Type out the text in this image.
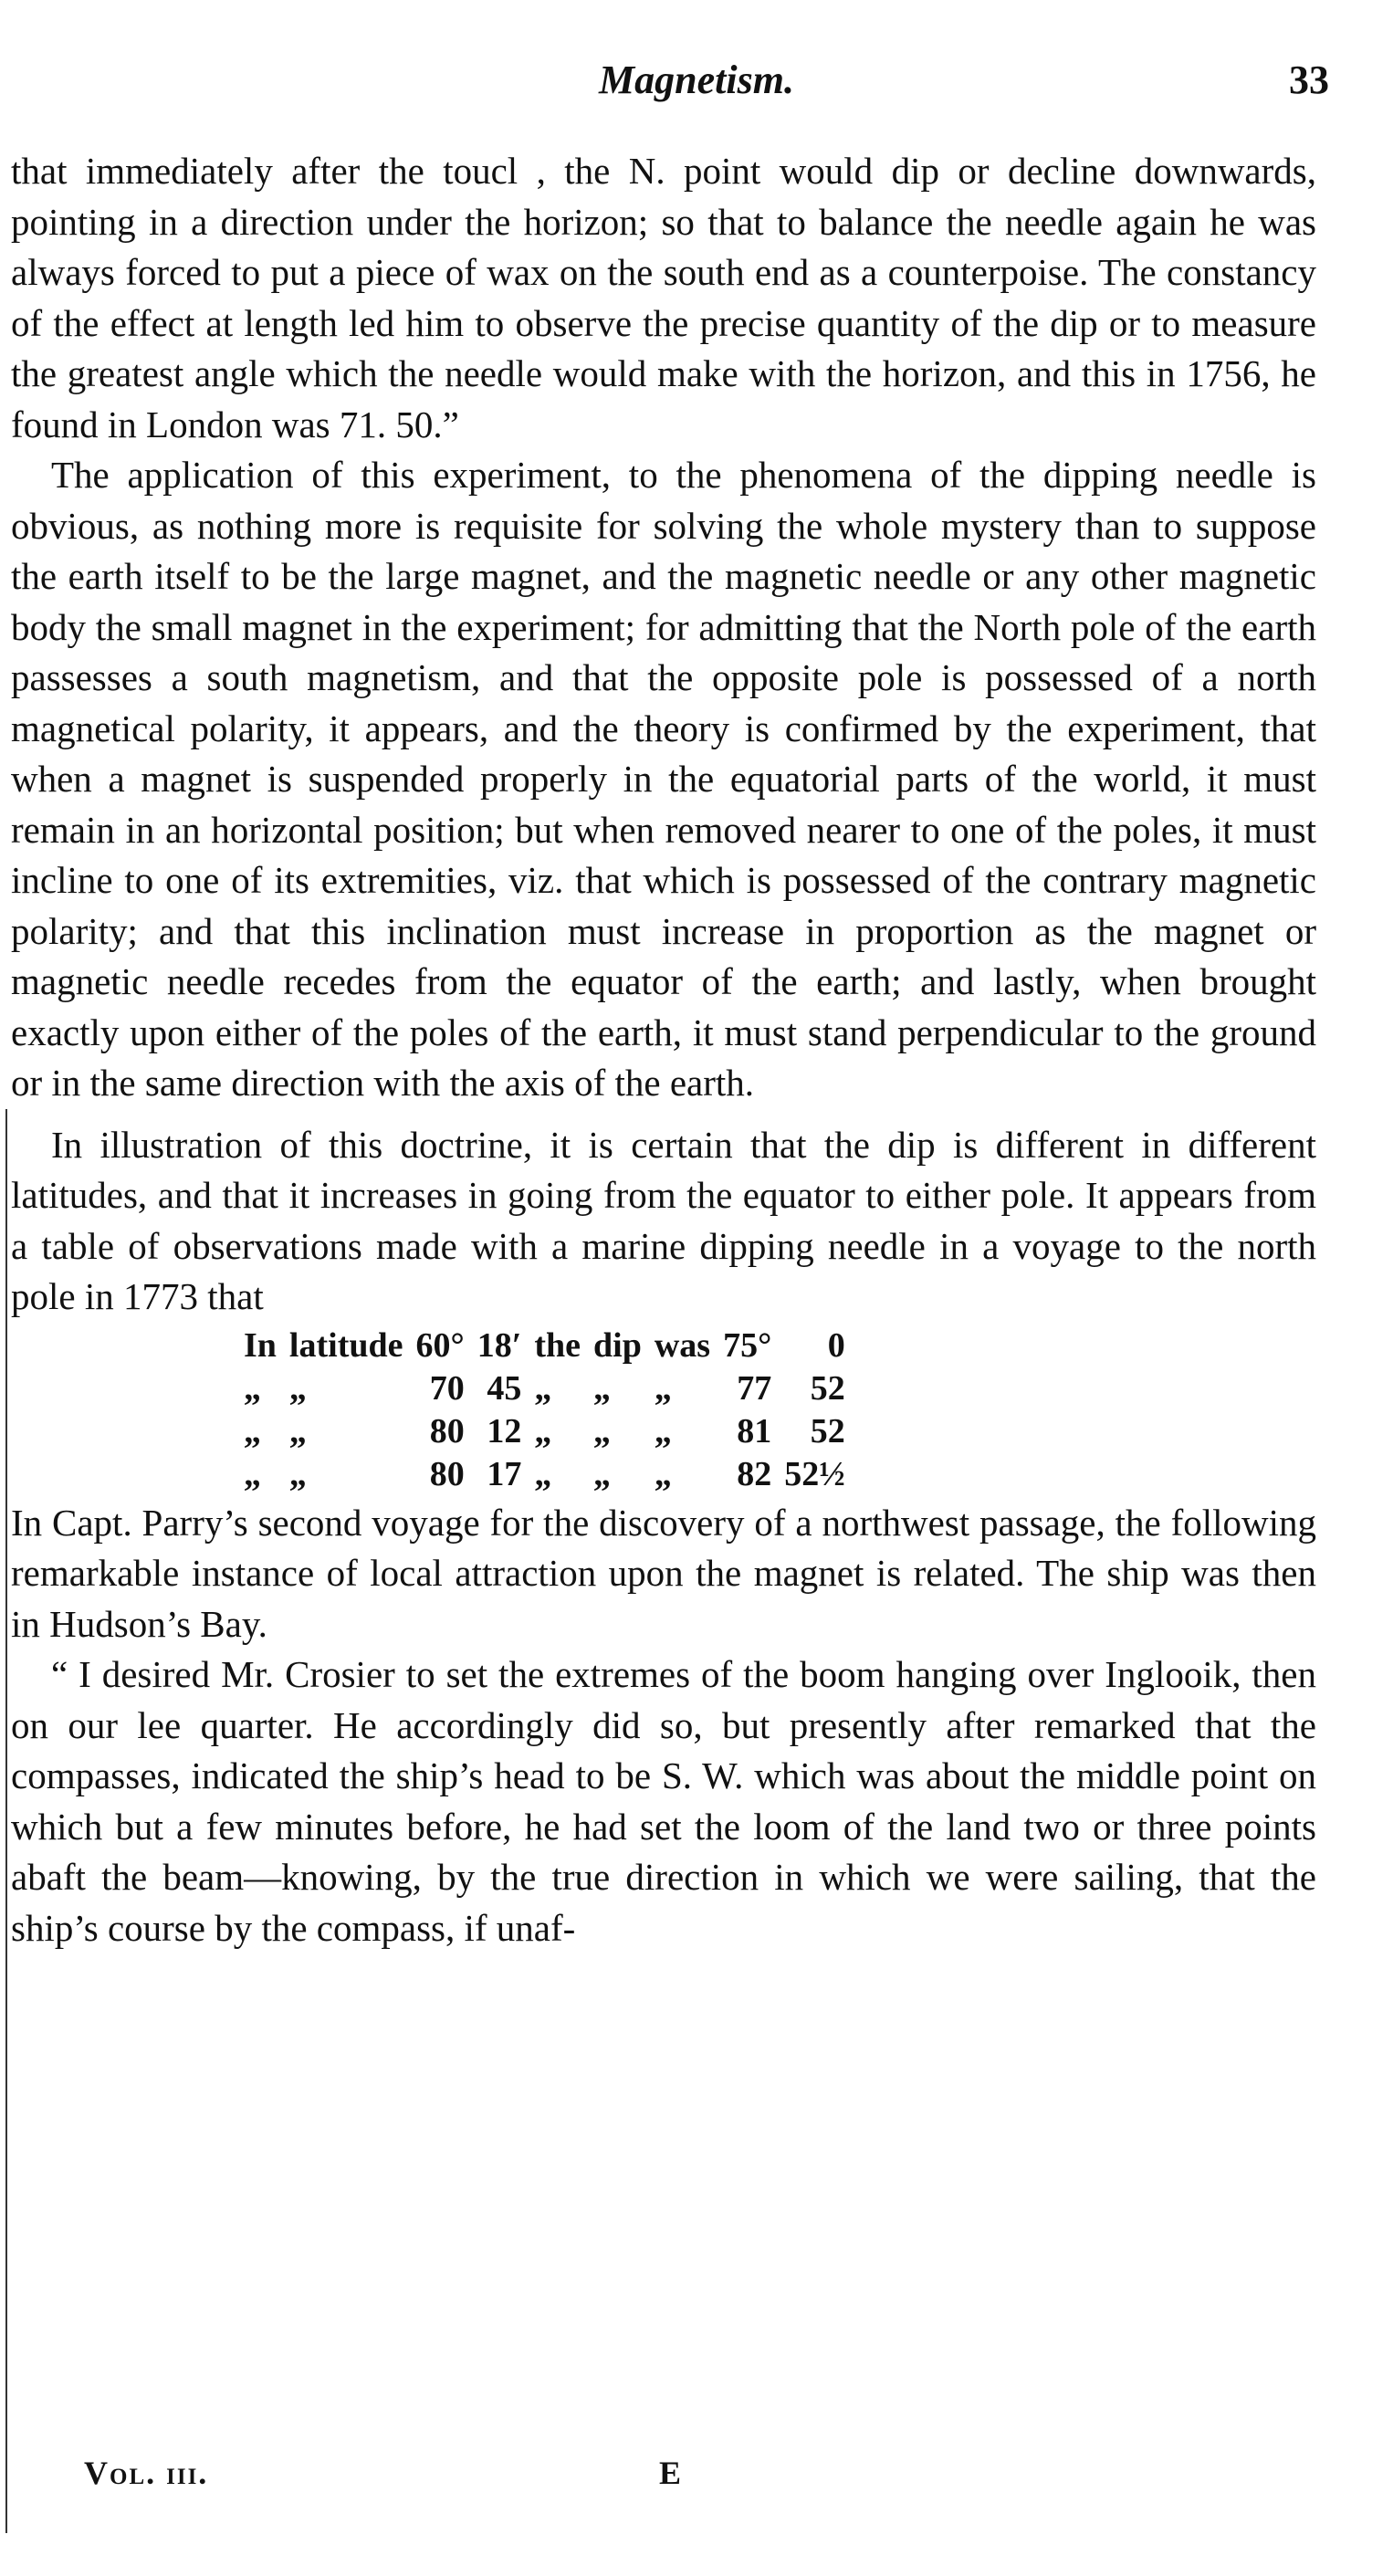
Magnetism.	33

that immediately after the toucl , the N. point would dip or decline downwards, pointing in a direction under the horizon; so that to balance the needle again he was always forced to put a piece of wax on the south end as a counterpoise. The constancy of the effect at length led him to observe the precise quantity of the dip or to measure the greatest angle which the needle would make with the horizon, and this in 1756, he found in London was 71. 50.”

The application of this experiment, to the phenomena of the dipping needle is obvious, as nothing more is requisite for solving the whole mystery than to suppose the earth itself to be the large magnet, and the magnetic needle or any other magnetic body the small magnet in the experiment; for admitting that the North pole of the earth passesses a south magnetism, and that the opposite pole is possessed of a north magnetical polarity, it appears, and the theory is confirmed by the experiment, that when a magnet is suspended properly in the equatorial parts of the world, it must remain in an horizontal position; but when removed nearer to one of the poles, it must incline to one of its extremities, viz. that which is possessed of the contrary magnetic polarity; and that this inclination must increase in proportion as the magnet or magnetic needle recedes from the equator of the earth; and lastly, when brought exactly upon either of the poles of the earth, it must stand perpendicular to the ground or in the same direction with the axis of the earth.

In illustration of this doctrine, it is certain that the dip is different in different latitudes, and that it increases in going from the equator to either pole. It appears from a table of observations made with a marine dipping needle in a voyage to the north pole in 1773 that

In	latitude	60°	18′	the	dip	was	75°	0
„	„	70	45	„	„	„	77	52
„	„	80	12	„	„	„	81	52
„	„	80	17	„	„	„	82	52½

In Capt. Parry’s second voyage for the discovery of a northwest passage, the following remarkable instance of local attraction upon the magnet is related. The ship was then in Hudson’s Bay.

“ I desired Mr. Crosier to set the extremes of the boom hanging over Inglooik, then on our lee quarter. He accordingly did so, but presently after remarked that the compasses, indicated the ship’s head to be S. W. which was about the middle point on which but a few minutes before, he had set the loom of the land two or three points abaft the beam—knowing, by the true direction in which we were sailing, that the ship’s course by the compass, if unaf-

Vol. iii.	E
